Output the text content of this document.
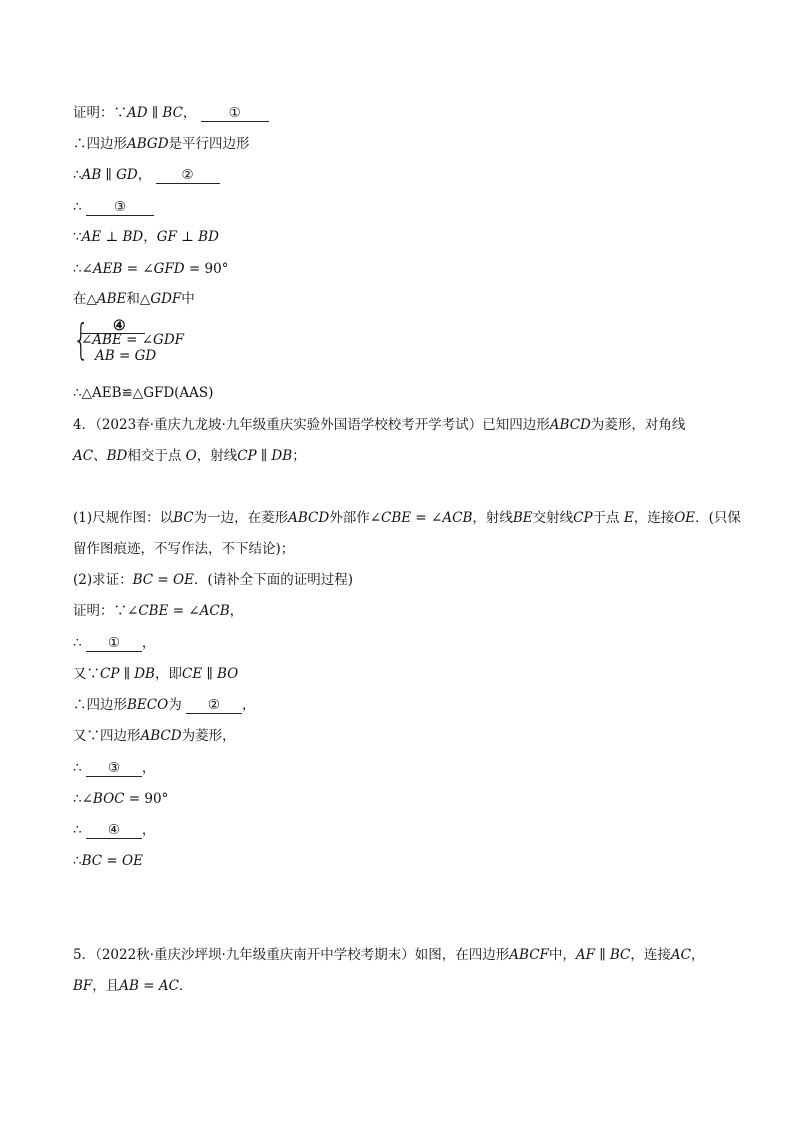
证明：∵AD ∥ BC， ①
∴四边形ABGD是平行四边形
∴AB ∥ GD， ②
∴ ③
∵AE ⊥ BD，GF ⊥ BD
∴∠AEB = ∠GFD = 90°
在△ABE和△GDF中
{ ④
∠ABE = ∠GDF
AB = GD
∴△AEB≌△GFD(AAS)
4．（2023春·重庆九龙坡·九年级重庆实验外国语学校校考开学考试）已知四边形ABCD为菱形，对角线
AC、BD相交于点 O，射线CP ∥ DB；
(1)尺规作图：以BC为一边，在菱形ABCD外部作∠CBE = ∠ACB，射线BE交射线CP于点 E，连接OE．(只保
留作图痕迹，不写作法，不下结论)；
(2)求证：BC = OE．(请补全下面的证明过程)
证明：∵∠CBE = ∠ACB，
∴ ① ，
又∵CP ∥ DB，即CE ∥ BO
∴四边形BECO为 ② ，
又∵四边形ABCD为菱形，
∴ ③ ，
∴∠BOC = 90°
∴ ④ ，
∴BC = OE
5．（2022秋·重庆沙坪坝·九年级重庆南开中学校考期末）如图，在四边形ABCF中，AF ∥ BC，连接AC，
BF，且AB = AC．
